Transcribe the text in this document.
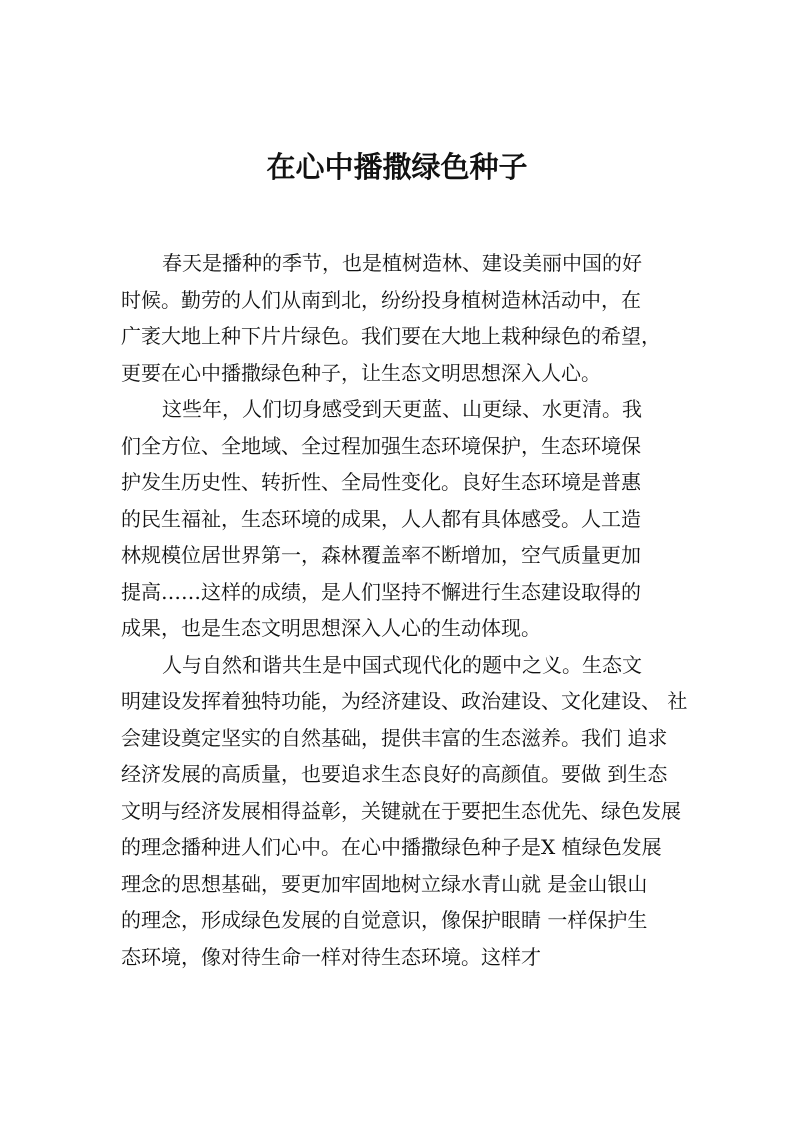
在心中播撒绿色种子
春天是播种的季节，也是植树造林、建设美丽中国的好
时候。勤劳的人们从南到北，纷纷投身植树造林活动中，在
广袤大地上种下片片绿色。我们要在大地上栽种绿色的希望，
更要在心中播撒绿色种子，让生态文明思想深入人心。
这些年，人们切身感受到天更蓝、山更绿、水更清。我
们全方位、全地域、全过程加强生态环境保护，生态环境保
护发生历史性、转折性、全局性变化。良好生态环境是普惠
的民生福祉，生态环境的成果，人人都有具体感受。人工造
林规模位居世界第一，森林覆盖率不断增加，空气质量更加
提高……这样的成绩，是人们坚持不懈进行生态建设取得的
成果，也是生态文明思想深入人心的生动体现。
人与自然和谐共生是中国式现代化的题中之义。生态文
明建设发挥着独特功能，为经济建设、政治建设、文化建设、 社
会建设奠定坚实的自然基础，提供丰富的生态滋养。我们 追求
经济发展的高质量，也要追求生态良好的高颜值。要做 到生态
文明与经济发展相得益彰，关键就在于要把生态优先、绿色发展
的理念播种进人们心中。在心中播撒绿色种子是X 植绿色发展
理念的思想基础，要更加牢固地树立绿水青山就 是金山银山
的理念，形成绿色发展的自觉意识，像保护眼睛 一样保护生
态环境，像对待生命一样对待生态环境。这样才
